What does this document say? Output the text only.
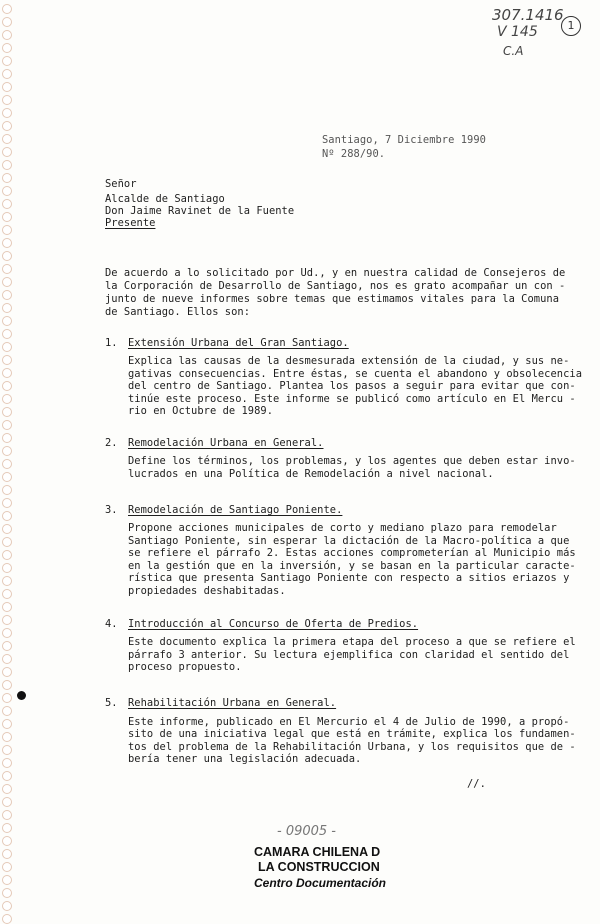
307.1416
V 145
C.A
1
Santiago, 7 Diciembre 1990
Nº 288/90.
Señor
Alcalde de Santiago
Don Jaime Ravinet de la Fuente
Presente
De acuerdo a lo solicitado por Ud., y en nuestra calidad de Consejeros de
la Corporación de Desarrollo de Santiago, nos es grato acompañar un con -
junto de nueve informes sobre temas que estimamos vitales para la Comuna
de Santiago. Ellos son:
1. Extensión Urbana del Gran Santiago.
Explica las causas de la desmesurada extensión de la ciudad, y sus ne-
gativas consecuencias. Entre éstas, se cuenta el abandono y obsolecencia
del centro de Santiago. Plantea los pasos a seguir para evitar que con-
tinúe este proceso. Este informe se publicó como artículo en El Mercu -
rio en Octubre de 1989.
2. Remodelación Urbana en General.
Define los términos, los problemas, y los agentes que deben estar invo-
lucrados en una Política de Remodelación a nivel nacional.
3. Remodelación de Santiago Poniente.
Propone acciones municipales de corto y mediano plazo para remodelar
Santiago Poniente, sin esperar la dictación de la Macro-política a que
se refiere el párrafo 2. Estas acciones comprometerían al Municipio más
en la gestión que en la inversión, y se basan en la particular caracte-
rística que presenta Santiago Poniente con respecto a sitios eriazos y
propiedades deshabitadas.
4. Introducción al Concurso de Oferta de Predios.
Este documento explica la primera etapa del proceso a que se refiere el
párrafo 3 anterior. Su lectura ejemplifica con claridad el sentido del
proceso propuesto.
5. Rehabilitación Urbana en General.
Este informe, publicado en El Mercurio el 4 de Julio de 1990, a propó-
sito de una iniciativa legal que está en trámite, explica los fundamen-
tos del problema de la Rehabilitación Urbana, y los requisitos que de -
bería tener una legislación adecuada.
//.
- 09005 -
CAMARA CHILENA D
LA CONSTRUCCION
Centro Documentación
